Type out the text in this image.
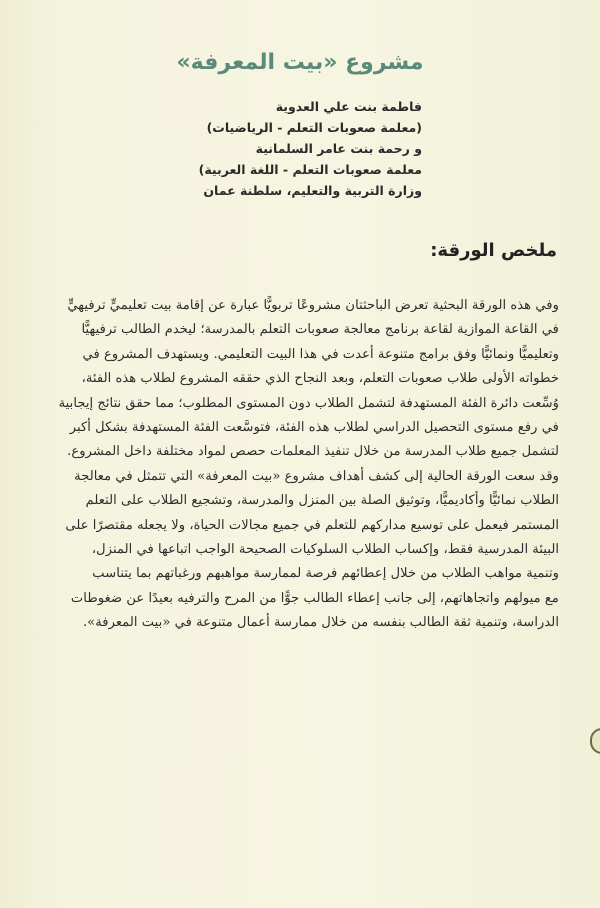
مشروع «بيت المعرفة»
فاطمة بنت علي العدوية
(معلمة صعوبات التعلم - الرياضيات)
و رحمة بنت عامر السلمانية
معلمة صعوبات التعلم - اللغة العربية)
وزارة التربية والتعليم، سلطنة عمان
ملخص الورقة:
وفي هذه الورقة البحثية تعرض الباحثتان مشروعًا تربويًّا عبارة عن إقامة بيت تعليميٍّ ترفيهيٍّ
في القاعة الموازية لقاعة برنامج معالجة صعوبات التعلم بالمدرسة؛ ليخدم الطالب ترفيهيًّا
وتعليميًّا ونمائيًّا وفق برامج متنوعة أعدت في هذا البيت التعليمي. ويستهدف المشروع في
خطواته الأولى طلاب صعوبات التعلم، وبعد النجاح الذي حققه المشروع لطلاب هذه الفئة،
وُسِّعت دائرة الفئة المستهدفة لتشمل الطلاب دون المستوى المطلوب؛ مما حقق نتائج إيجابية
في رفع مستوى التحصيل الدراسي لطلاب هذه الفئة، فتوسَّعت الفئة المستهدفة بشكل أكبر
لتشمل جميع طلاب المدرسة من خلال تنفيذ المعلمات حصص لمواد مختلفة داخل المشروع.
وقد سعت الورقة الحالية إلى كشف أهداف مشروع «بيت المعرفة» التي تتمثل في معالجة
الطلاب نمائيًّا وأكاديميًّا، وتوثيق الصلة بين المنزل والمدرسة، وتشجيع الطلاب على التعلم
المستمر فيعمل على توسيع مداركهم للتعلم في جميع مجالات الحياة، ولا يجعله مقتصرًا على
البيئة المدرسية فقط، وإكساب الطلاب السلوكيات الصحيحة الواجب اتباعها في المنزل،
وتنمية مواهب الطلاب من خلال إعطائهم فرصة لممارسة مواهبهم ورغباتهم بما يتناسب
مع ميولهم واتجاهاتهم، إلى جانب إعطاء الطالب جوًّا من المرح والترفيه بعيدًا عن ضغوطات
الدراسة، وتنمية ثقة الطالب بنفسه من خلال ممارسة أعمال متنوعة في «بيت المعرفة».
